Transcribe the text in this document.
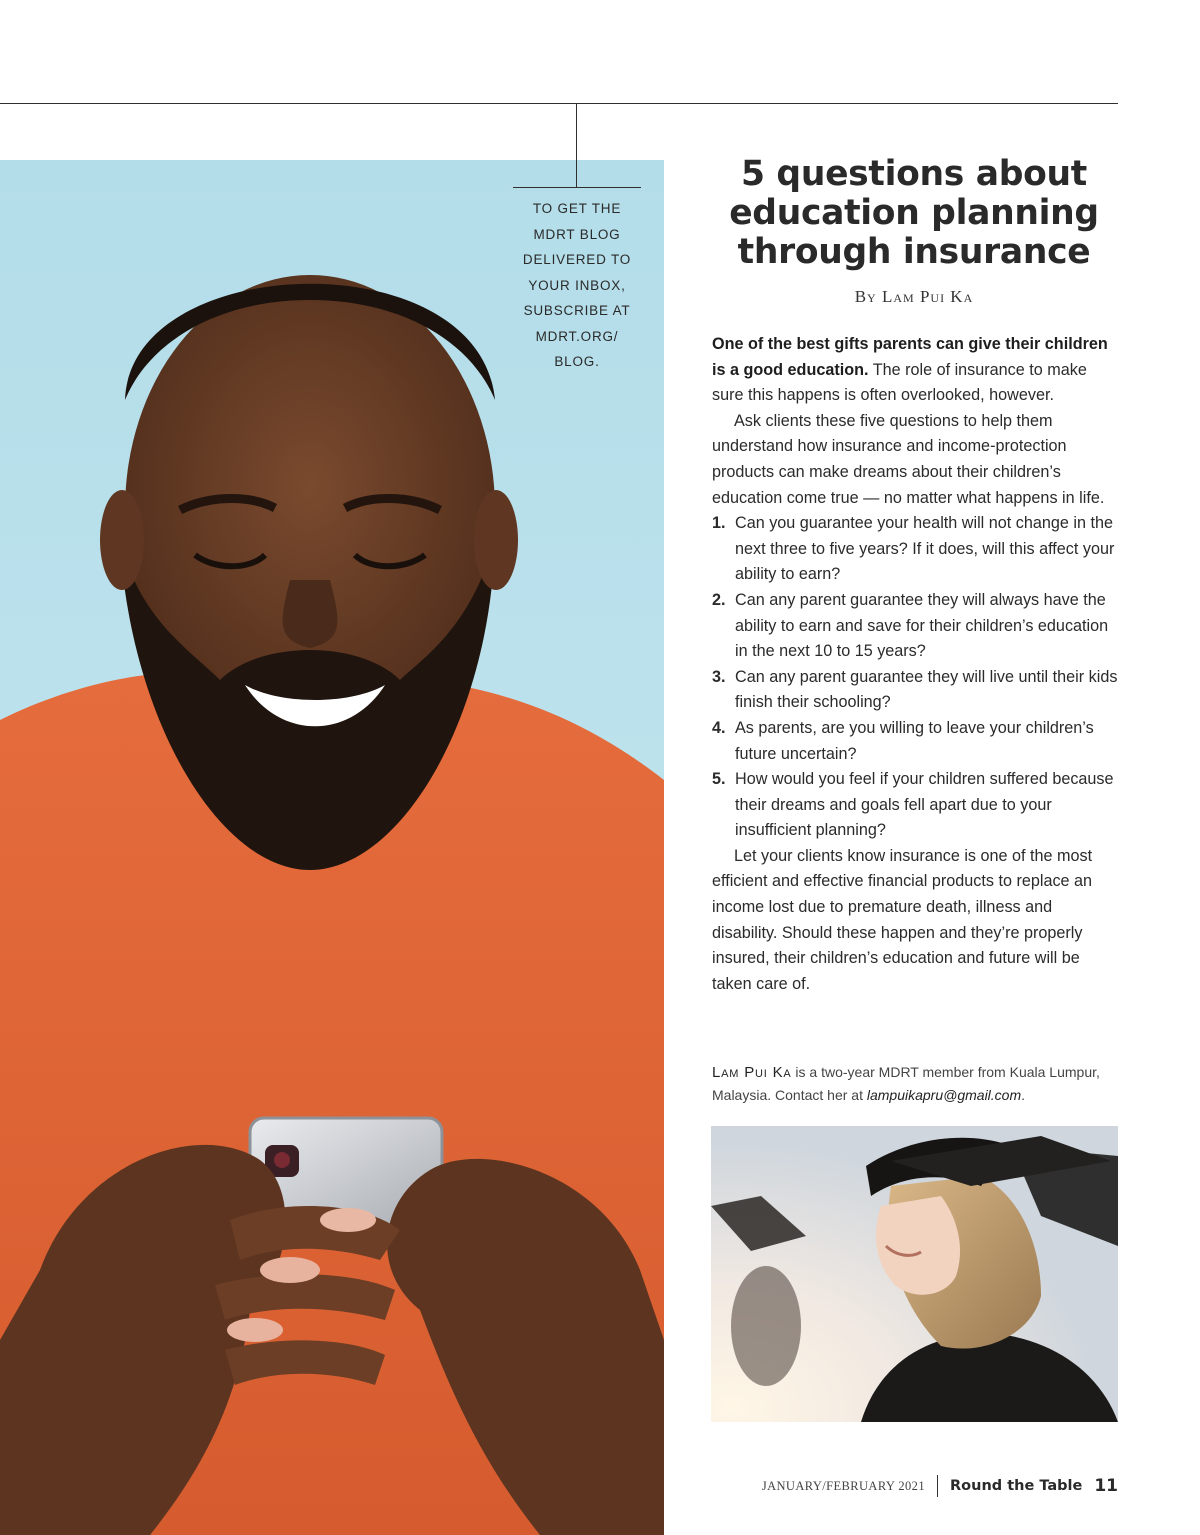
TO GET THE MDRT BLOG DELIVERED TO YOUR INBOX, SUBSCRIBE AT MDRT.ORG/ BLOG.
5 questions about education planning through insurance
By Lam Pui Ka

One of the best gifts parents can give their children is a good education. The role of insurance to make sure this happens is often overlooked, however.

Ask clients these five questions to help them understand how insurance and income-protection products can make dreams about their children’s education come true — no matter what happens in life.

1. Can you guarantee your health will not change in the next three to five years? If it does, will this affect your ability to earn?
2. Can any parent guarantee they will always have the ability to earn and save for their children’s education in the next 10 to 15 years?
3. Can any parent guarantee they will live until their kids finish their schooling?
4. As parents, are you willing to leave your children’s future uncertain?
5. How would you feel if your children suffered because their dreams and goals fell apart due to your insufficient planning?

Let your clients know insurance is one of the most efficient and effective financial products to replace an income lost due to premature death, illness and disability. Should these happen and they’re properly insured, their children’s education and future will be taken care of.

Lam Pui Ka is a two-year MDRT member from Kuala Lumpur, Malaysia. Contact her at lampuikapru@gmail.com.
JANUARY/FEBRUARY 2021 Round the Table 11
